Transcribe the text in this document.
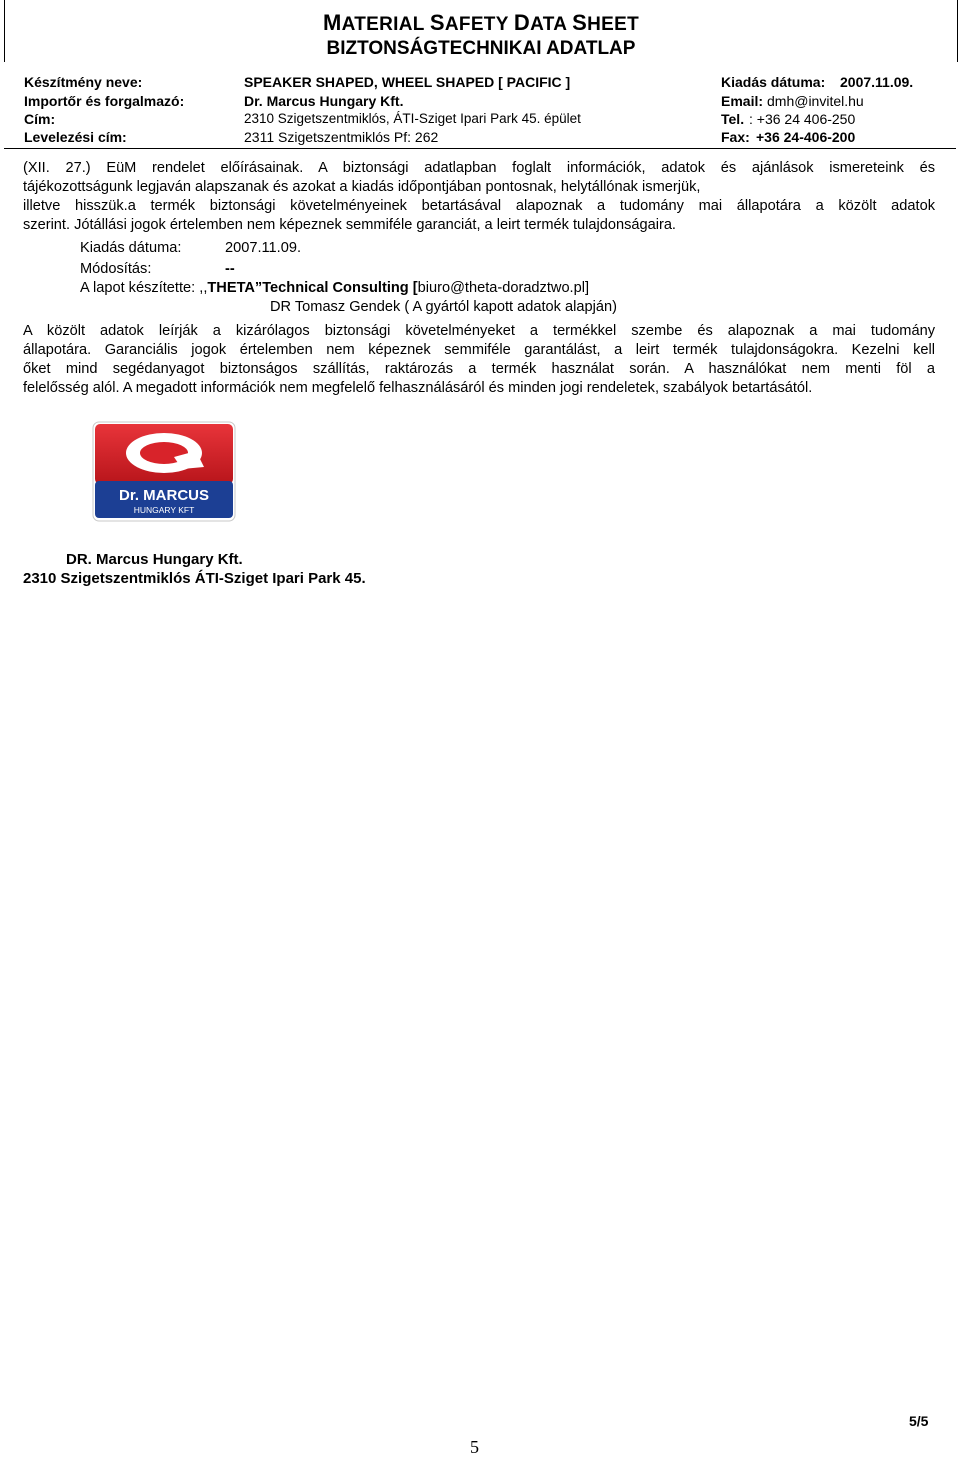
MATERIAL SAFETY DATA SHEET
BIZTONSÁGTECHNIKAI ADATLAP
Készítmény neve:	SPEAKER SHAPED, WHEEL SHAPED [ PACIFIC ]	Kiadás dátuma: 2007.11.09.
Importőr és forgalmazó:	Dr. Marcus Hungary Kft.	Email: dmh@invitel.hu
Cím:	2310 Szigetszentmiklós, ÁTI-Sziget Ipari Park 45. épület	Tel. : +36 24 406-250
Levelezési cím:	2311 Szigetszentmiklós Pf: 262	Fax: +36 24-406-200
(XII. 27.) EüM rendelet előírásainak. A biztonsági adatlapban foglalt információk, adatok és ajánlások ismereteink és
tájékozottságunk legjaván alapszanak és azokat a kiadás időpontjában pontosnak, helytállónak ismerjük,
illetve hisszük.a termék biztonsági követelményeinek betartásával alapoznak a tudomány mai állapotára a közölt adatok
szerint. Jótállási jogok értelemben nem képeznek semmiféle garanciát, a leirt termék tulajdonságaira.
Kiadás dátuma:	2007.11.09.
Módosítás:	--
A lapot készítette: ,,THETA”Technical Consulting [biuro@theta-doradztwo.pl]
DR Tomasz Gendek ( A gyártól kapott adatok alapján)
A közölt adatok leírják a kizárólagos biztonsági követelményeket a termékkel szembe és alapoznak a mai tudomány
állapotára. Garanciális jogok értelemben nem képeznek semmiféle garantálást, a leirt termék tulajdonságokra. Kezelni kell
őket mind segédanyagot biztonságos szállítás, raktározás a termék használat során. A használókat nem menti föl a
felelősség alól. A megadott információk nem megfelelő felhasználásáról és minden jogi rendeletek, szabályok betartásától.
Dr. MARCUS
HUNGARY KFT
DR. Marcus Hungary Kft.
2310 Szigetszentmiklós ÁTI-Sziget Ipari Park 45.
5/5
5
